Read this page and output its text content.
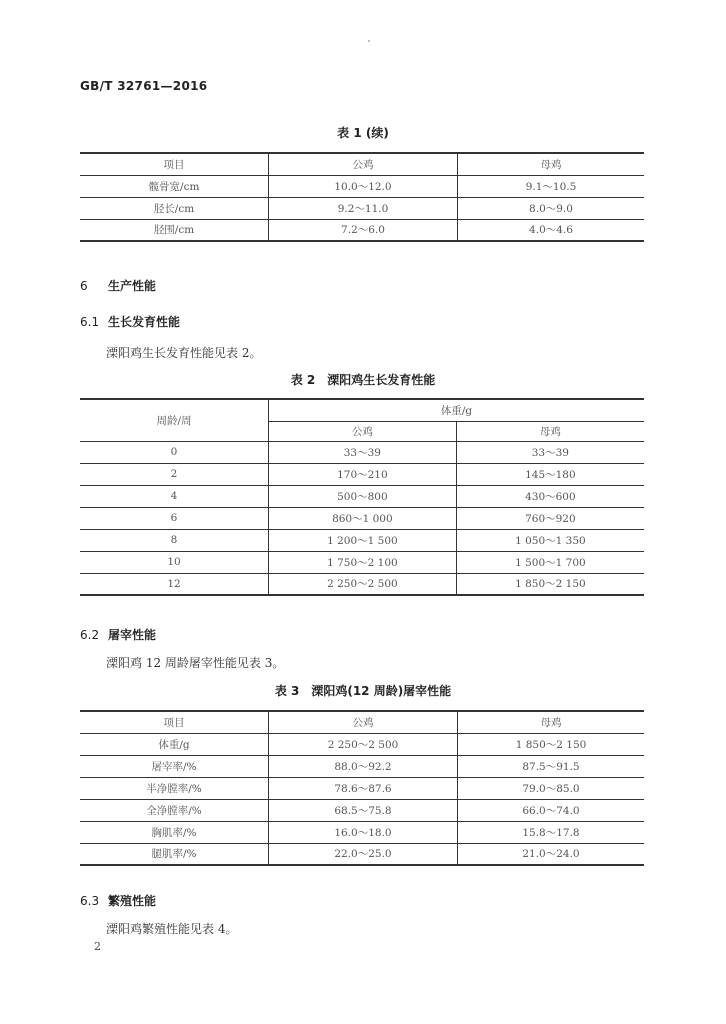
GB/T 32761—2016
表 1 (续)
项目	公鸡	母鸡
髋骨宽/cm	10.0～12.0	9.1～10.5
胫长/cm	9.2～11.0	8.0～9.0
胫围/cm	7.2～6.0	4.0～4.6
6 生产性能
6.1 生长发育性能
溧阳鸡生长发育性能见表 2。
表 2　溧阳鸡生长发育性能
周龄/周	体重/g	
	公鸡	母鸡
0	33～39	33～39
2	170～210	145～180
4	500～800	430～600
6	860～1 000	760～920
8	1 200～1 500	1 050～1 350
10	1 750～2 100	1 500～1 700
12	2 250～2 500	1 850～2 150
6.2 屠宰性能
溧阳鸡 12 周龄屠宰性能见表 3。
表 3　溧阳鸡(12 周龄)屠宰性能
项目	公鸡	母鸡
体重/g	2 250～2 500	1 850～2 150
屠宰率/%	88.0～92.2	87.5～91.5
半净膛率/%	78.6～87.6	79.0～85.0
全净膛率/%	68.5～75.8	66.0～74.0
胸肌率/%	16.0～18.0	15.8～17.8
腿肌率/%	22.0～25.0	21.0～24.0
6.3 繁殖性能
溧阳鸡繁殖性能见表 4。
2
